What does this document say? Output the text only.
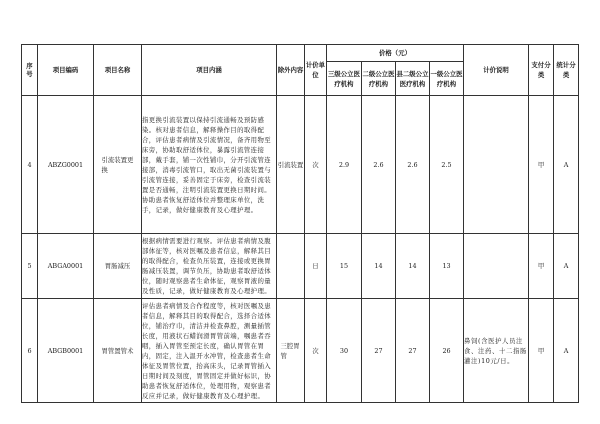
序号	项目编码	项目名称	项目内涵	除外内容	计价单位	价格（元）				计价说明	支付分类	统计分类
						三级公立医疗机构	二级公立医疗机构	县二级公立医疗机构	一级公立医疗机构			
4	ABZG0001	引流装置更换	指更换引流装置以保持引流通畅及预防感染。核对患者信息，解释操作目的取得配合，评估患者病情及引流情况，备齐用物至床旁，协助取舒适体位，暴露引流管连接部，戴手套，铺一次性铺巾，分开引流管连接部，消毒引流管口，取出无菌引流装置与引流管连接，妥善固定于床旁，检查引流装置是否通畅，注明引流装置更换日期时间。协助患者恢复舒适体位并整理床单位，洗手，记录，做好健康教育及心理护理。	引流装置	次	2.9	2.6	2.6	2.5		甲	A
5	ABGA0001	胃肠减压	根据病情需要进行观察。评估患者病情及腹部体征等，核对医嘱及患者信息，解释其目的取得配合，检查负压装置，连接或更换胃肠减压装置，调节负压，协助患者取舒适体位，随时观察患者生命体征，观察胃液的量及性质，记录，做好健康教育及心理护理。		日	15	14	14	13		甲	A
6	ABGB0001	胃管置管术	评估患者病情及合作程度等，核对医嘱及患者信息，解释其目的取得配合，选择合适体位，铺治疗巾，清洁并检查鼻腔，测量插管长度，用液状石蜡润滑胃管前端，嘱患者吞咽，插入胃管至预定长度，确认胃管在胃内，固定，注入温开水冲管，检查患者生命体征及胃管位置，抬高床头，记录胃管插入日期时间及刻度，胃管固定并做好标识，协助患者恢复舒适体位，处理用物，观察患者反应并记录，做好健康教育及心理护理。	三腔胃管	次	30	27	27	26	鼻饲(含医护人员注食、注药、十二指肠灌注)10元/日。	甲	A
